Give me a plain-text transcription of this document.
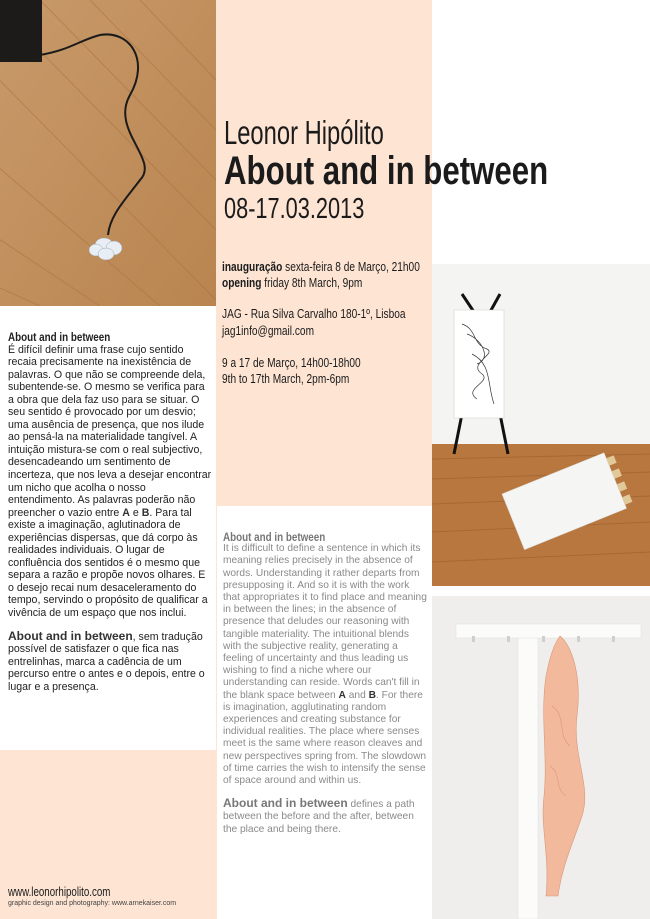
Leonor Hipólito
About and in between
08-17.03.2013
inauguração sexta-feira 8 de Março, 21h00
opening friday 8th March, 9pm
JAG - Rua Silva Carvalho 180-1º, Lisboa
jag1info@gmail.com
9 a 17 de Março, 14h00-18h00
9th to 17th March, 2pm-6pm
About and in between
É difícil definir uma frase cujo sentido recaia precisamente na inexistência de palavras. O que não se compreende dela, subentende-se. O mesmo se verifica para a obra que dela faz uso para se situar. O seu sentido é provocado por um desvio; uma ausência de presença, que nos ilude ao pensá-la na materialidade tangível. A intuição mistura-se com o real subjectivo, desencadeando um sentimento de incerteza, que nos leva a desejar encontrar um nicho que acolha o nosso entendimento. As palavras poderão não preencher o vazio entre A e B. Para tal existe a imaginação, aglutinadora de experiências dispersas, que dá corpo às realidades individuais. O lugar de confluência dos sentidos é o mesmo que separa a razão e propõe novos olhares. E o desejo recai num desaceleramento do tempo, servindo o propósito de qualificar a vivência de um espaço que nos inclui.
About and in between, sem tradução possível de satisfazer o que fica nas entrelinhas, marca a cadência de um percurso entre o antes e o depois, entre o lugar e a presença.
About and in between
It is difficult to define a sentence in which its meaning relies precisely in the absence of words. Understanding it rather departs from presupposing it. And so it is with the work that appropriates it to find place and meaning in between the lines; in the absence of presence that deludes our reasoning with tangible materiality. The intuitional blends with the subjective reality, generating a feeling of uncertainty and thus leading us wishing to find a niche where our understanding can reside. Words can't fill in the blank space between A and B. For there is imagination, agglutinating random experiences and creating substance for individual realities. The place where senses meet is the same where reason cleaves and new perspectives spring from. The slowdown of time carries the wish to intensify the sense of space around and within us.
About and in between defines a path between the before and the after, between the place and being there.
www.leonorhipolito.com
graphic design and photography: www.arnekaiser.com
